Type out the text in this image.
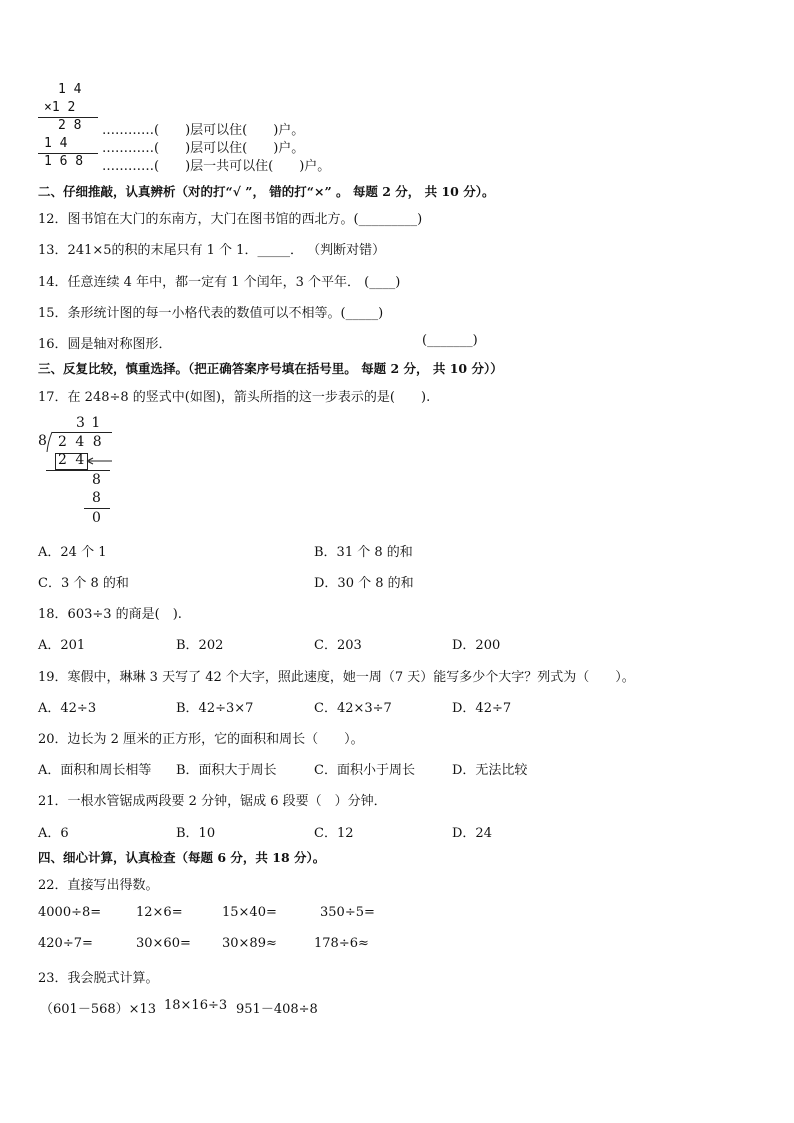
1 4
×1 2
2 8 …………(　　)层可以住(　　)户。
1 4	…………(　　)层可以住(　　)户。
1 6 8 …………(　　)层一共可以住(　　)户。
二、仔细推敲，认真辨析（对的打“√ ”， 错的打“×” 。 每题 2 分， 共 10 分）。
12．图书馆在大门的东南方，大门在图书馆的西北方。(_________)
13．241×5的积的末尾只有 1 个 1．_____． （判断对错）
14．任意连续 4 年中，都一定有 1 个闰年，3 个平年． (____)
15．条形统计图的每一小格代表的数值可以不相等。(_____)
16．圆是轴对称图形．	(_______)
三、反复比较，慎重选择。（把正确答案序号填在括号里。 每题 2 分， 共 10 分））
17．在 248÷8 的竖式中(如图)，箭头所指的这一步表示的是(　　).
3 1
8 2 4 8
2 4
8
8
0
A．24 个 1	B．31 个 8 的和
C．3 个 8 的和	D．30 个 8 的和
18．603÷3 的商是(　).
A．201	B．202	C．203	D．200
19．寒假中，琳琳 3 天写了 42 个大字，照此速度，她一周（7 天）能写多少个大字？列式为（　　）。
A．42÷3	B．42÷3×7	C．42×3÷7	D．42÷7
20．边长为 2 厘米的正方形，它的面积和周长（　　）。
A．面积和周长相等 B．面积大于周长	C．面积小于周长	D．无法比较
21．一根水管锯成两段要 2 分钟，锯成 6 段要（　）分钟．
A．6	B．10	C．12	D．24
四、细心计算，认真检查（每题 6 分，共 18 分）。
22．直接写出得数。
4000÷8=	12×6=	15×40=	350÷5=
420÷7=	30×60= 30×89≈	178÷6≈
23．我会脱式计算。
（601－568）×13 18×16÷3 951－408÷8
